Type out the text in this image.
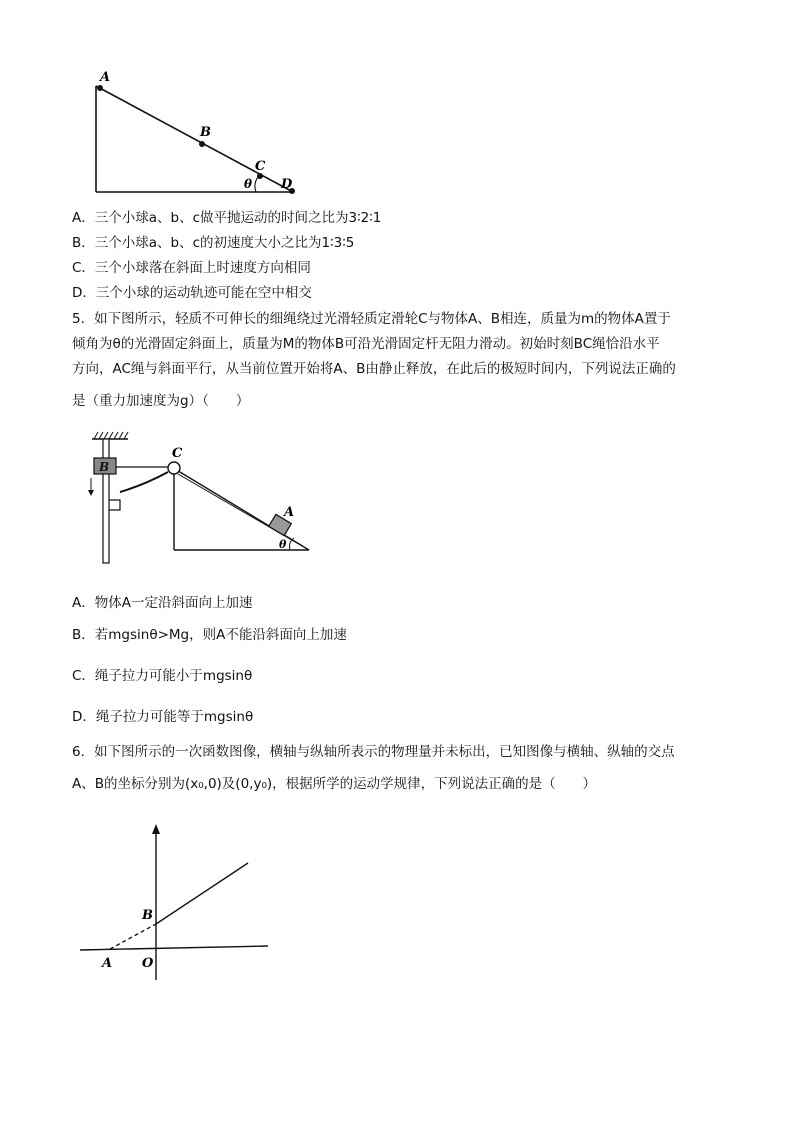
A
B
C
D
θ
A．三个小球a、b、c做平抛运动的时间之比为3∶2∶1
B．三个小球a、b、c的初速度大小之比为1∶3∶5
C．三个小球落在斜面上时速度方向相同
D．三个小球的运动轨迹可能在空中相交
5．如下图所示，轻质不可伸长的细绳绕过光滑轻质定滑轮C与物体A、B相连，质量为m的物体A置于
倾角为θ的光滑固定斜面上，质量为M的物体B可沿光滑固定杆无阻力滑动。初始时刻BC绳恰沿水平
方向，AC绳与斜面平行，从当前位置开始将A、B由静止释放，在此后的极短时间内，下列说法正确的
是（重力加速度为g）（　　）
B
C
A
θ
A．物体A一定沿斜面向上加速
B．若mgsinθ>Mg，则A不能沿斜面向上加速
C．绳子拉力可能小于mgsinθ
D．绳子拉力可能等于mgsinθ
6．如下图所示的一次函数图像，横轴与纵轴所表示的物理量并未标出，已知图像与横轴、纵轴的交点
A、B的坐标分别为(x₀,0)及(0,y₀)，根据所学的运动学规律，下列说法正确的是（　　）
B
A O
